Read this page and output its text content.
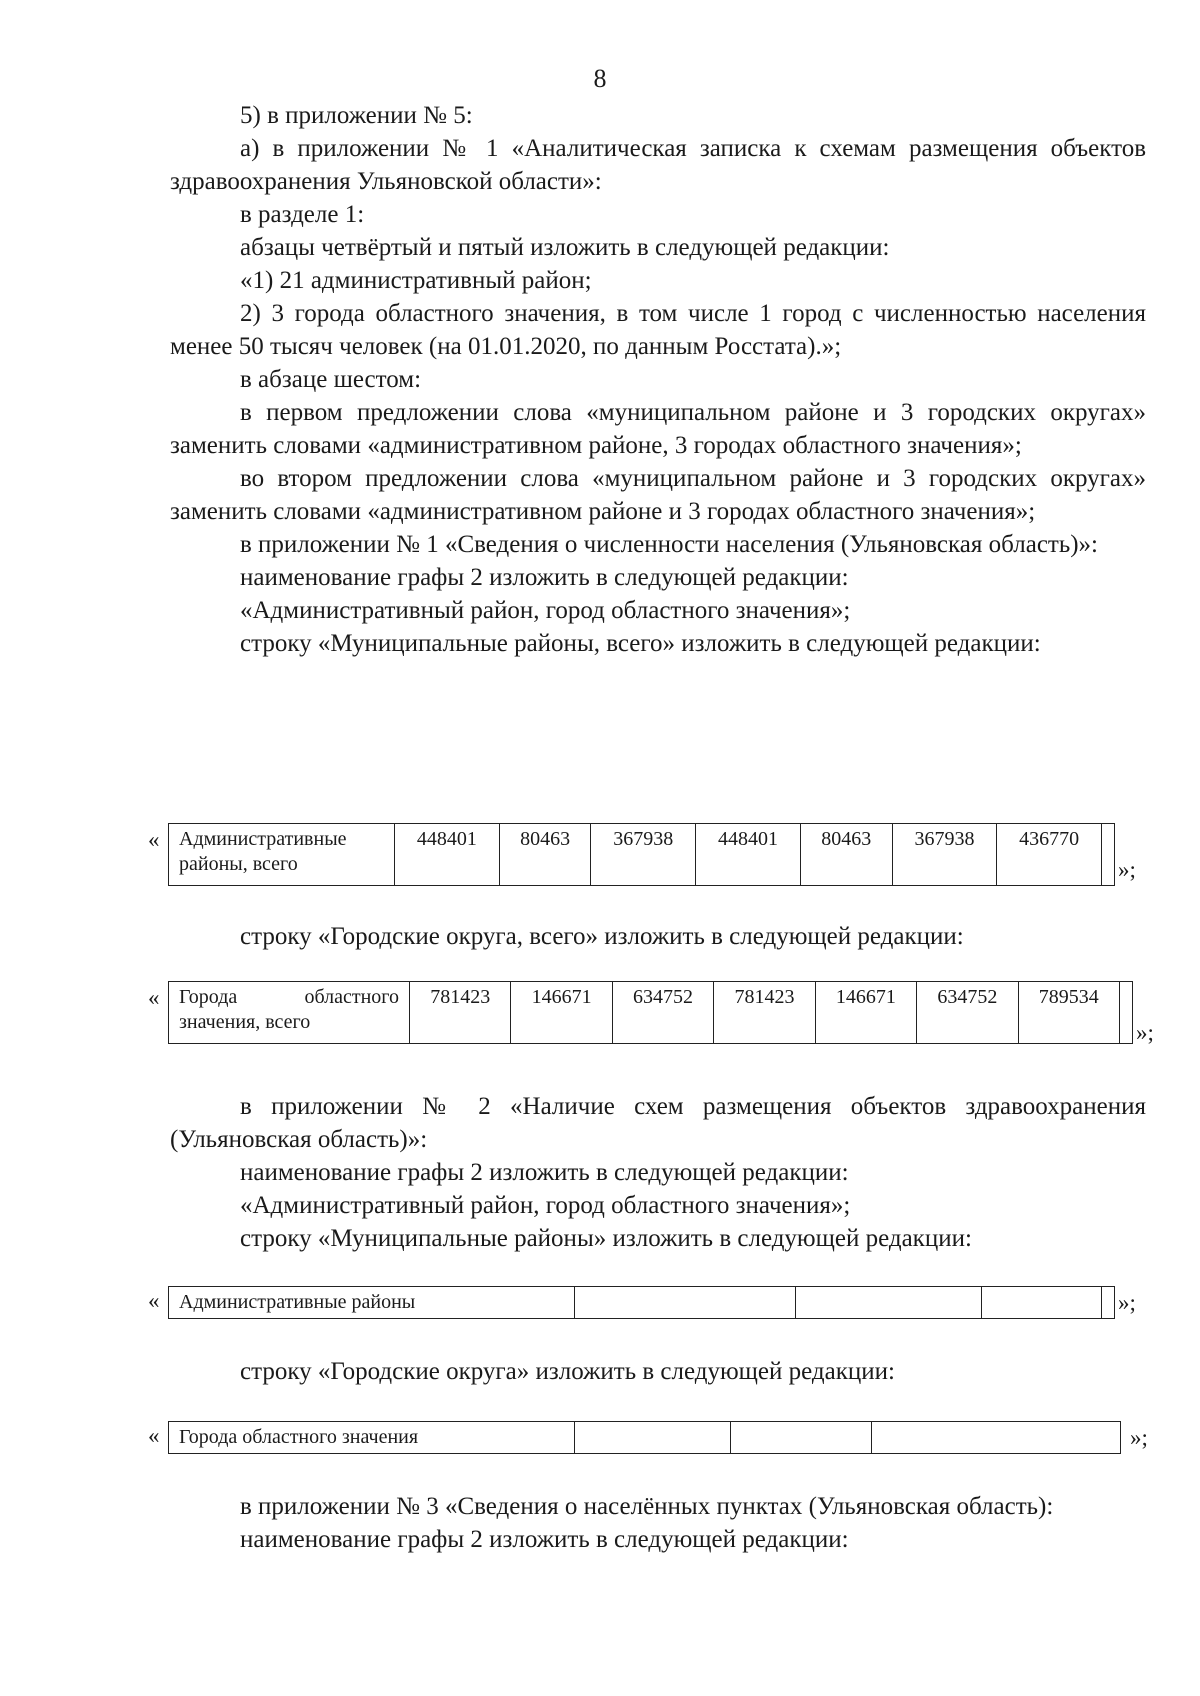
8

5) в приложении № 5:

а) в приложении № 1 «Аналитическая записка к схемам размещения объектов здравоохранения Ульяновской области»:

в разделе 1:

абзацы четвёртый и пятый изложить в следующей редакции:

«1) 21 административный район;

2) 3 города областного значения, в том числе 1 город с численностью населения менее 50 тысяч человек (на 01.01.2020, по данным Росстата).»;

в абзаце шестом:

в первом предложении слова «муниципальном районе и 3 городских округах» заменить словами «административном районе, 3 городах областного значения»;

во втором предложении слова «муниципальном районе и 3 городских округах» заменить словами «административном районе и 3 городах областного значения»;

в приложении № 1 «Сведения о численности населения (Ульяновская область)»:

наименование графы 2 изложить в следующей редакции:

«Административный район, город областного значения»;

строку «Муниципальные районы, всего» изложить в следующей редакции:

« Административные
районы, всего	448401	80463	367938	448401	80463	367938	436770	
»;

строку «Городские округа, всего» изложить в следующей редакции:

« Города областного
значения, всего
	781423	146671	634752	781423	146671	634752	789534	
»;

в приложении № 2 «Наличие схем размещения объектов здравоохранения (Ульяновская область)»:

наименование графы 2 изложить в следующей редакции:

«Административный район, город областного значения»;

строку «Муниципальные районы» изложить в следующей редакции:

« Административные районы					»;

строку «Городские округа» изложить в следующей редакции:

« Города областного значения				»;

в приложении № 3 «Сведения о населённых пунктах (Ульяновская область):

наименование графы 2 изложить в следующей редакции:
